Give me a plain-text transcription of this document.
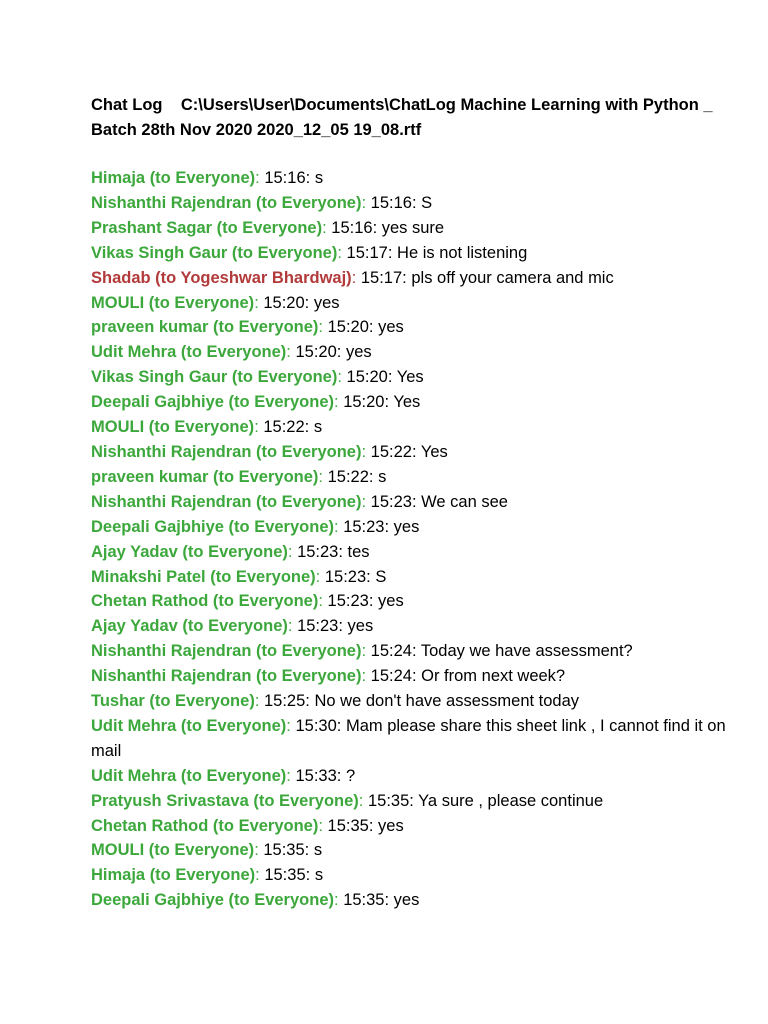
Chat Log    C:\Users\User\Documents\ChatLog Machine Learning with Python _ Batch 28th Nov 2020 2020_12_05 19_08.rtf
Himaja (to Everyone): 15:16: s
Nishanthi Rajendran (to Everyone): 15:16: S
Prashant Sagar (to Everyone): 15:16: yes sure
Vikas Singh Gaur (to Everyone): 15:17: He is not listening
Shadab (to Yogeshwar Bhardwaj): 15:17: pls off your camera and mic
MOULI (to Everyone): 15:20: yes
praveen kumar (to Everyone): 15:20: yes
Udit Mehra (to Everyone): 15:20: yes
Vikas Singh Gaur (to Everyone): 15:20: Yes
Deepali Gajbhiye (to Everyone): 15:20: Yes
MOULI (to Everyone): 15:22: s
Nishanthi Rajendran (to Everyone): 15:22: Yes
praveen kumar (to Everyone): 15:22: s
Nishanthi Rajendran (to Everyone): 15:23: We can see
Deepali Gajbhiye (to Everyone): 15:23: yes
Ajay Yadav (to Everyone): 15:23: tes
Minakshi Patel (to Everyone): 15:23: S
Chetan Rathod (to Everyone): 15:23: yes
Ajay Yadav (to Everyone): 15:23: yes
Nishanthi Rajendran (to Everyone): 15:24: Today we have assessment?
Nishanthi Rajendran (to Everyone): 15:24: Or from next week?
Tushar (to Everyone): 15:25: No we don't have assessment today
Udit Mehra (to Everyone): 15:30: Mam please share this sheet link , I cannot find it on mail
Udit Mehra (to Everyone): 15:33: ?
Pratyush Srivastava (to Everyone): 15:35: Ya sure , please continue
Chetan Rathod (to Everyone): 15:35: yes
MOULI (to Everyone): 15:35: s
Himaja (to Everyone): 15:35: s
Deepali Gajbhiye (to Everyone): 15:35: yes
